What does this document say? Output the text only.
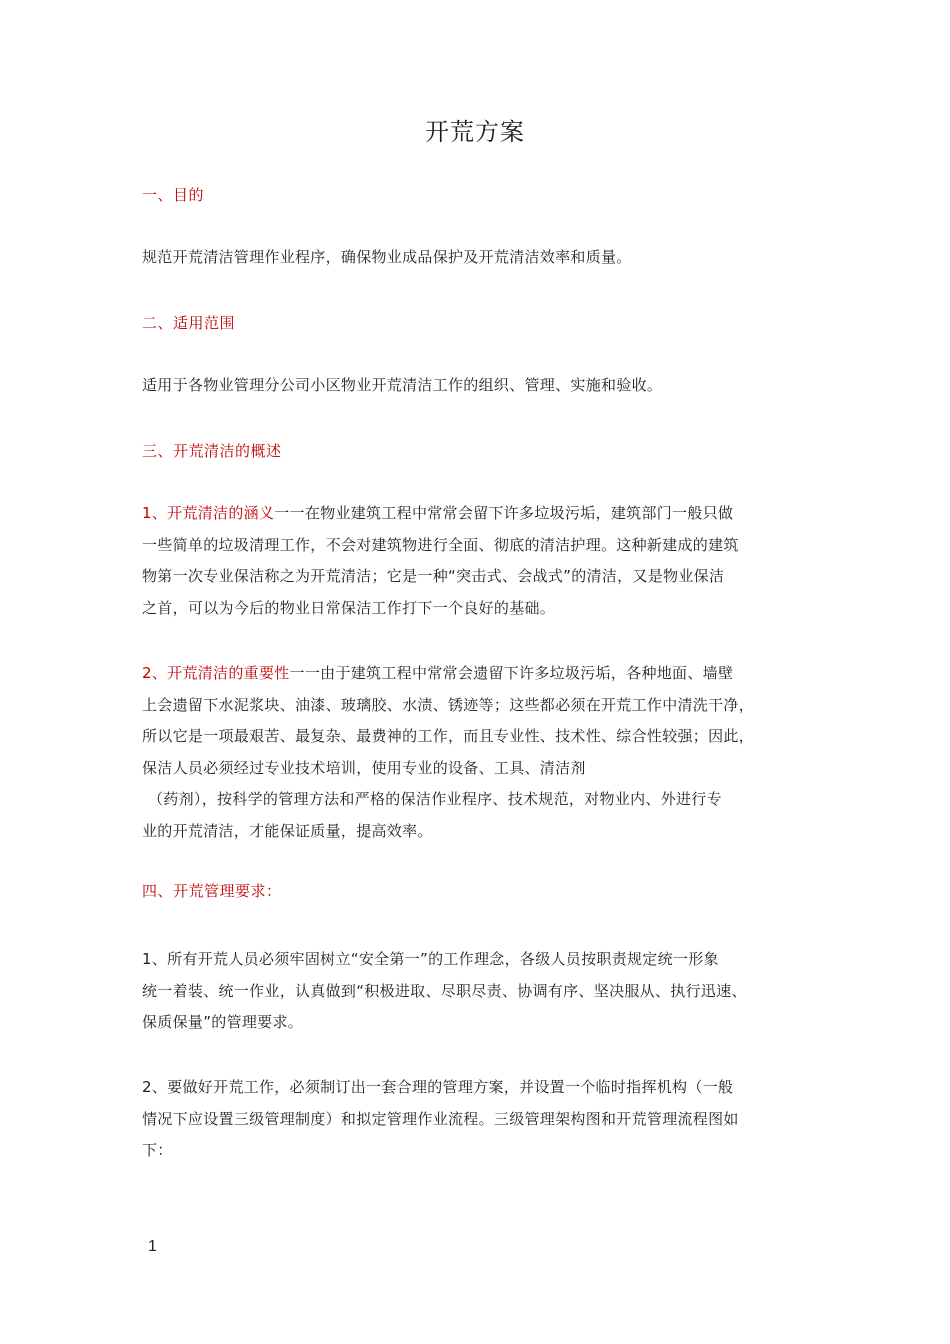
开荒方案
一、目的
规范开荒清洁管理作业程序，确保物业成品保护及开荒清洁效率和质量。
二、适用范围
适用于各物业管理分公司小区物业开荒清洁工作的组织、管理、实施和验收。
三、开荒清洁的概述
1、开荒清洁的涵义一一在物业建筑工程中常常会留下许多垃圾污垢，建筑部门一般只做
一些简单的垃圾清理工作，不会对建筑物进行全面、彻底的清洁护理。这种新建成的建筑
物第一次专业保洁称之为开荒清洁；它是一种“突击式、会战式”的清洁，又是物业保洁
之首，可以为今后的物业日常保洁工作打下一个良好的基础。
2、开荒清洁的重要性一一由于建筑工程中常常会遗留下许多垃圾污垢，各种地面、墙壁
上会遗留下水泥浆块、油漆、玻璃胶、水渍、锈迹等；这些都必须在开荒工作中清洗干净，
所以它是一项最艰苦、最复杂、最费神的工作，而且专业性、技术性、综合性较强；因此，
保洁人员必须经过专业技术培训，使用专业的设备、工具、清洁剂
（药剂），按科学的管理方法和严格的保洁作业程序、技术规范，对物业内、外进行专
业的开荒清洁，才能保证质量，提高效率。
四、开荒管理要求：
1、所有开荒人员必须牢固树立“安全第一”的工作理念，各级人员按职责规定统一形象
统一着装、统一作业，认真做到“积极进取、尽职尽责、协调有序、坚决服从、执行迅速、
保质保量”的管理要求。
2、要做好开荒工作，必须制订出一套合理的管理方案，并设置一个临时指挥机构（一般
情况下应设置三级管理制度）和拟定管理作业流程。三级管理架构图和开荒管理流程图如
下：
1
